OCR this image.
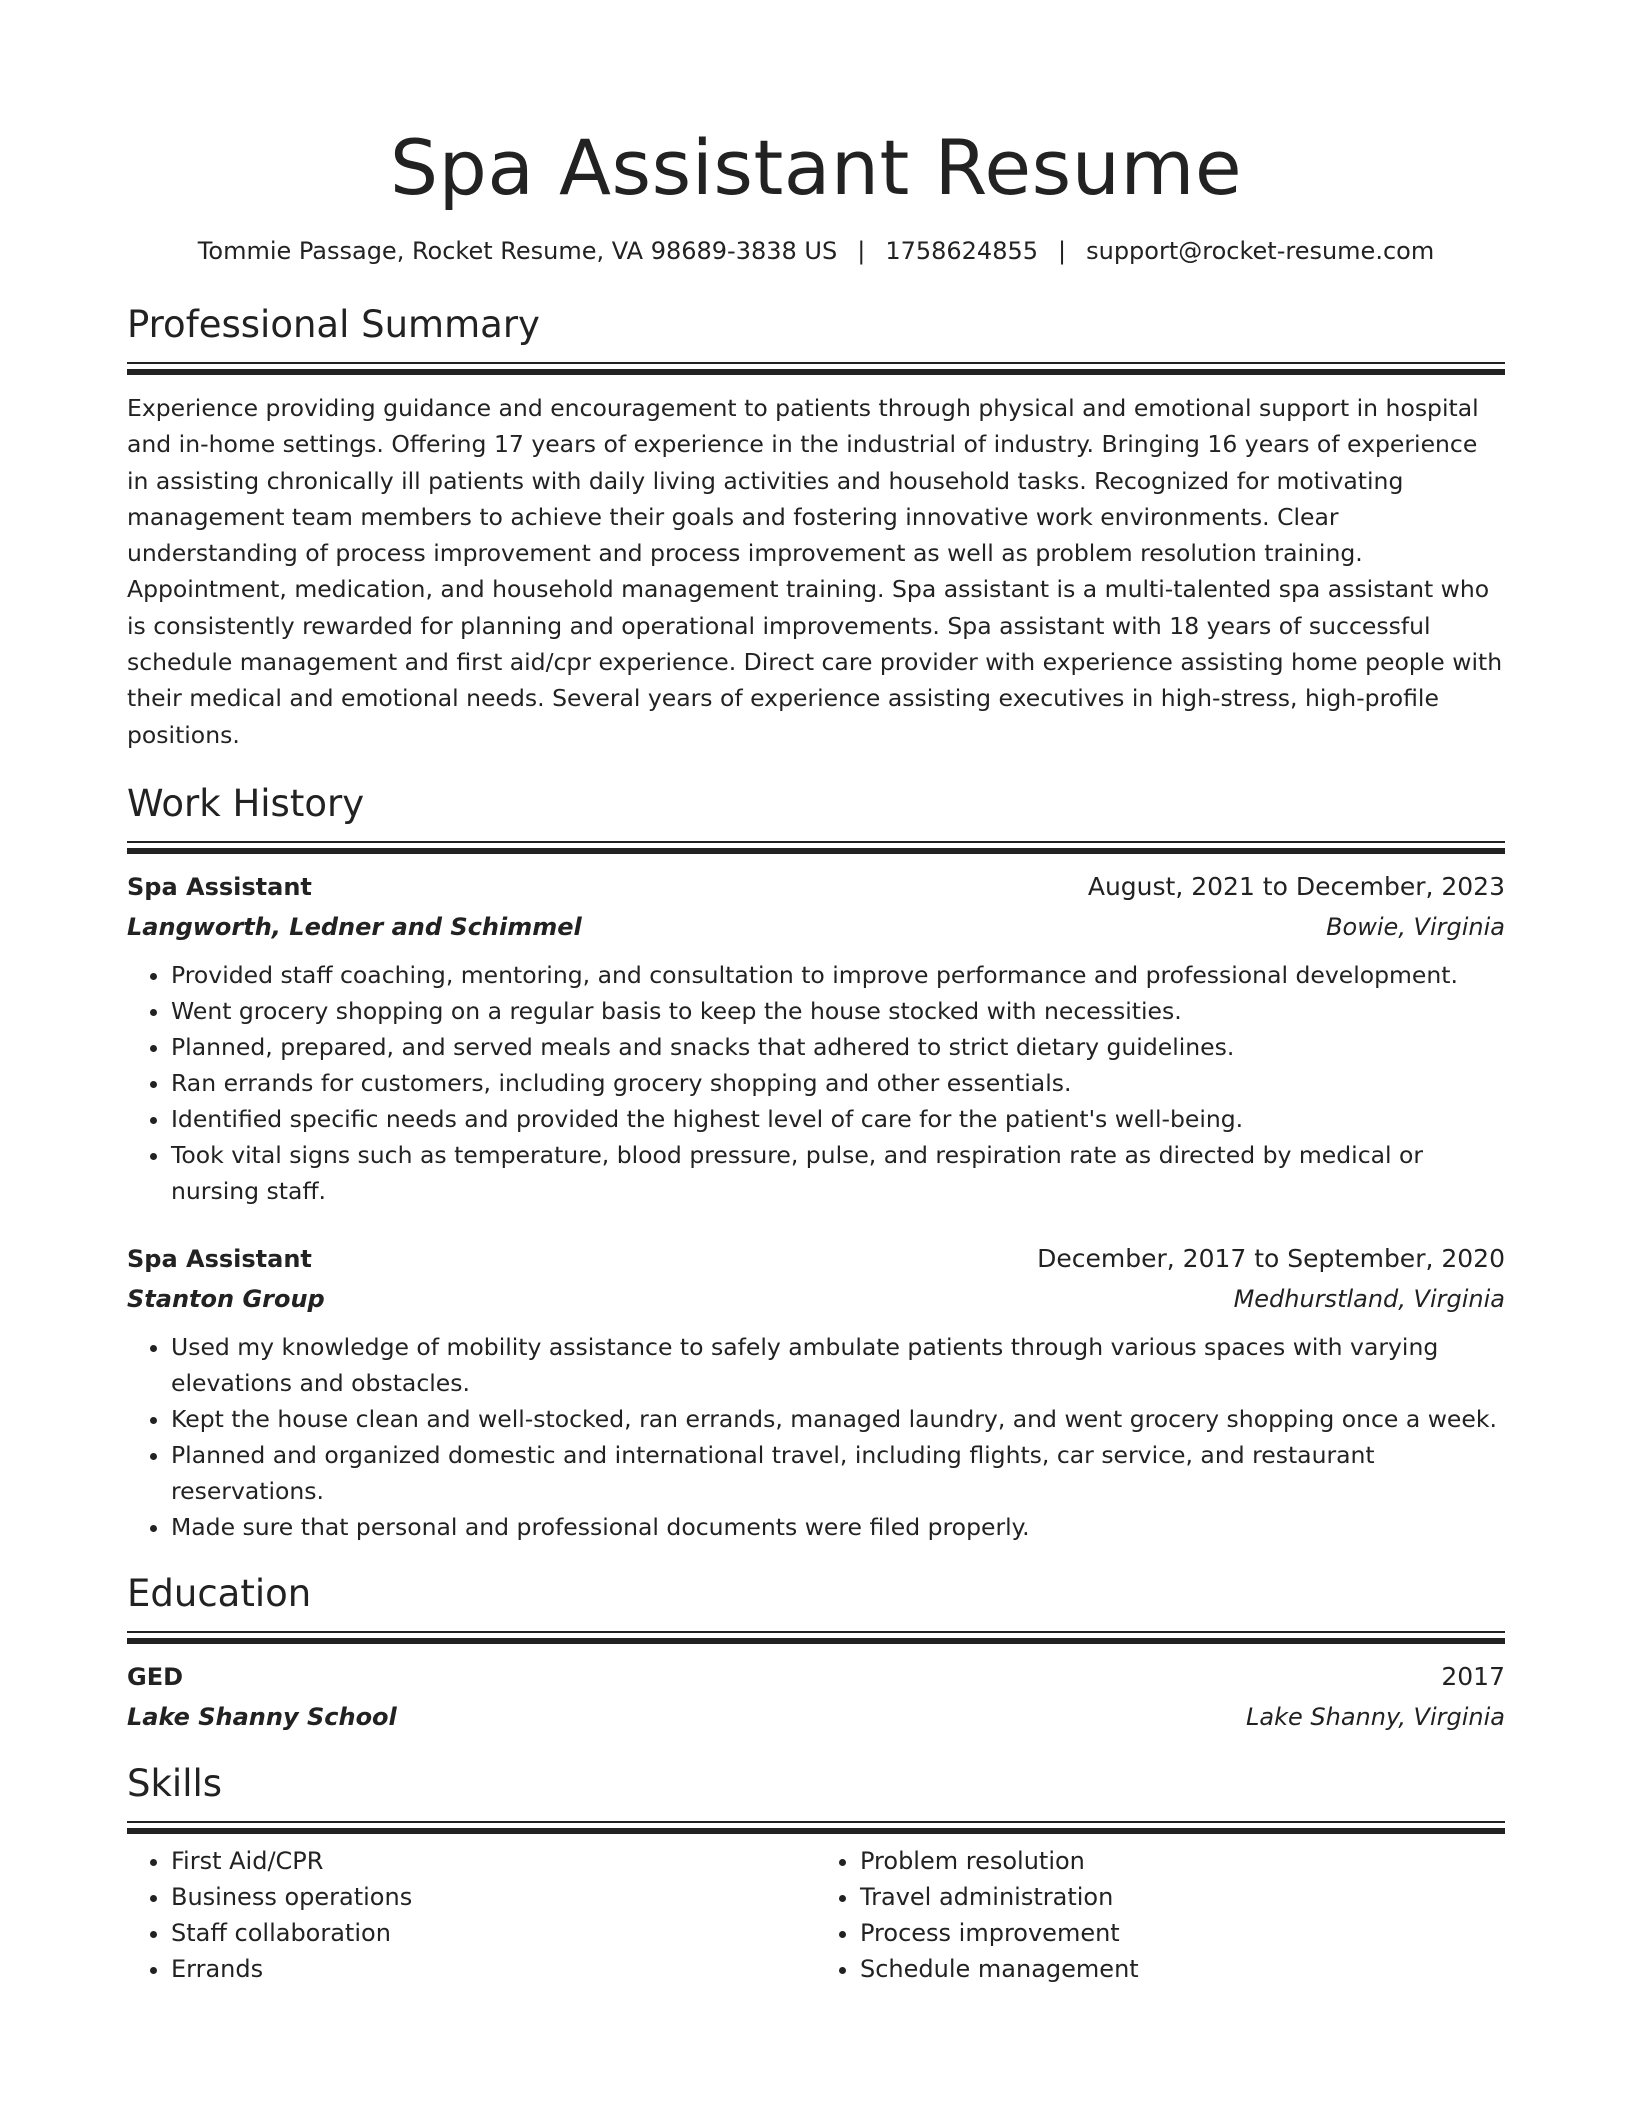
Spa Assistant Resume
Tommie Passage, Rocket Resume, VA 98689-3838 US | 1758624855 | support@rocket-resume.com
Professional Summary

Experience providing guidance and encouragement to patients through physical and emotional support in hospital and in-home settings. Offering 17 years of experience in the industrial of industry. Bringing 16 years of experience in assisting chronically ill patients with daily living activities and household tasks. Recognized for motivating management team members to achieve their goals and fostering innovative work environments. Clear understanding of process improvement and process improvement as well as problem resolution training. Appointment, medication, and household management training. Spa assistant is a multi-talented spa assistant who is consistently rewarded for planning and operational improvements. Spa assistant with 18 years of successful schedule management and first aid/cpr experience. Direct care provider with experience assisting home people with their medical and emotional needs. Several years of experience assisting executives in high-stress, high-profile positions.

Work History
Spa Assistant	August, 2021 to December, 2023
Langworth, Ledner and Schimmel	Bowie, Virginia
• Provided staff coaching, mentoring, and consultation to improve performance and professional development.
• Went grocery shopping on a regular basis to keep the house stocked with necessities.
• Planned, prepared, and served meals and snacks that adhered to strict dietary guidelines.
• Ran errands for customers, including grocery shopping and other essentials.
• Identified specific needs and provided the highest level of care for the patient's well-being.
• Took vital signs such as temperature, blood pressure, pulse, and respiration rate as directed by medical or nursing staff.
Spa Assistant	December, 2017 to September, 2020
Stanton Group	Medhurstland, Virginia
• Used my knowledge of mobility assistance to safely ambulate patients through various spaces with varying elevations and obstacles.
• Kept the house clean and well-stocked, ran errands, managed laundry, and went grocery shopping once a week.
• Planned and organized domestic and international travel, including flights, car service, and restaurant reservations.
• Made sure that personal and professional documents were filed properly.
Education
GED	2017
Lake Shanny School	Lake Shanny, Virginia
Skills
• First Aid/CPR
• Business operations
• Staff collaboration
• Errands
• Problem resolution
• Travel administration
• Process improvement
• Schedule management
